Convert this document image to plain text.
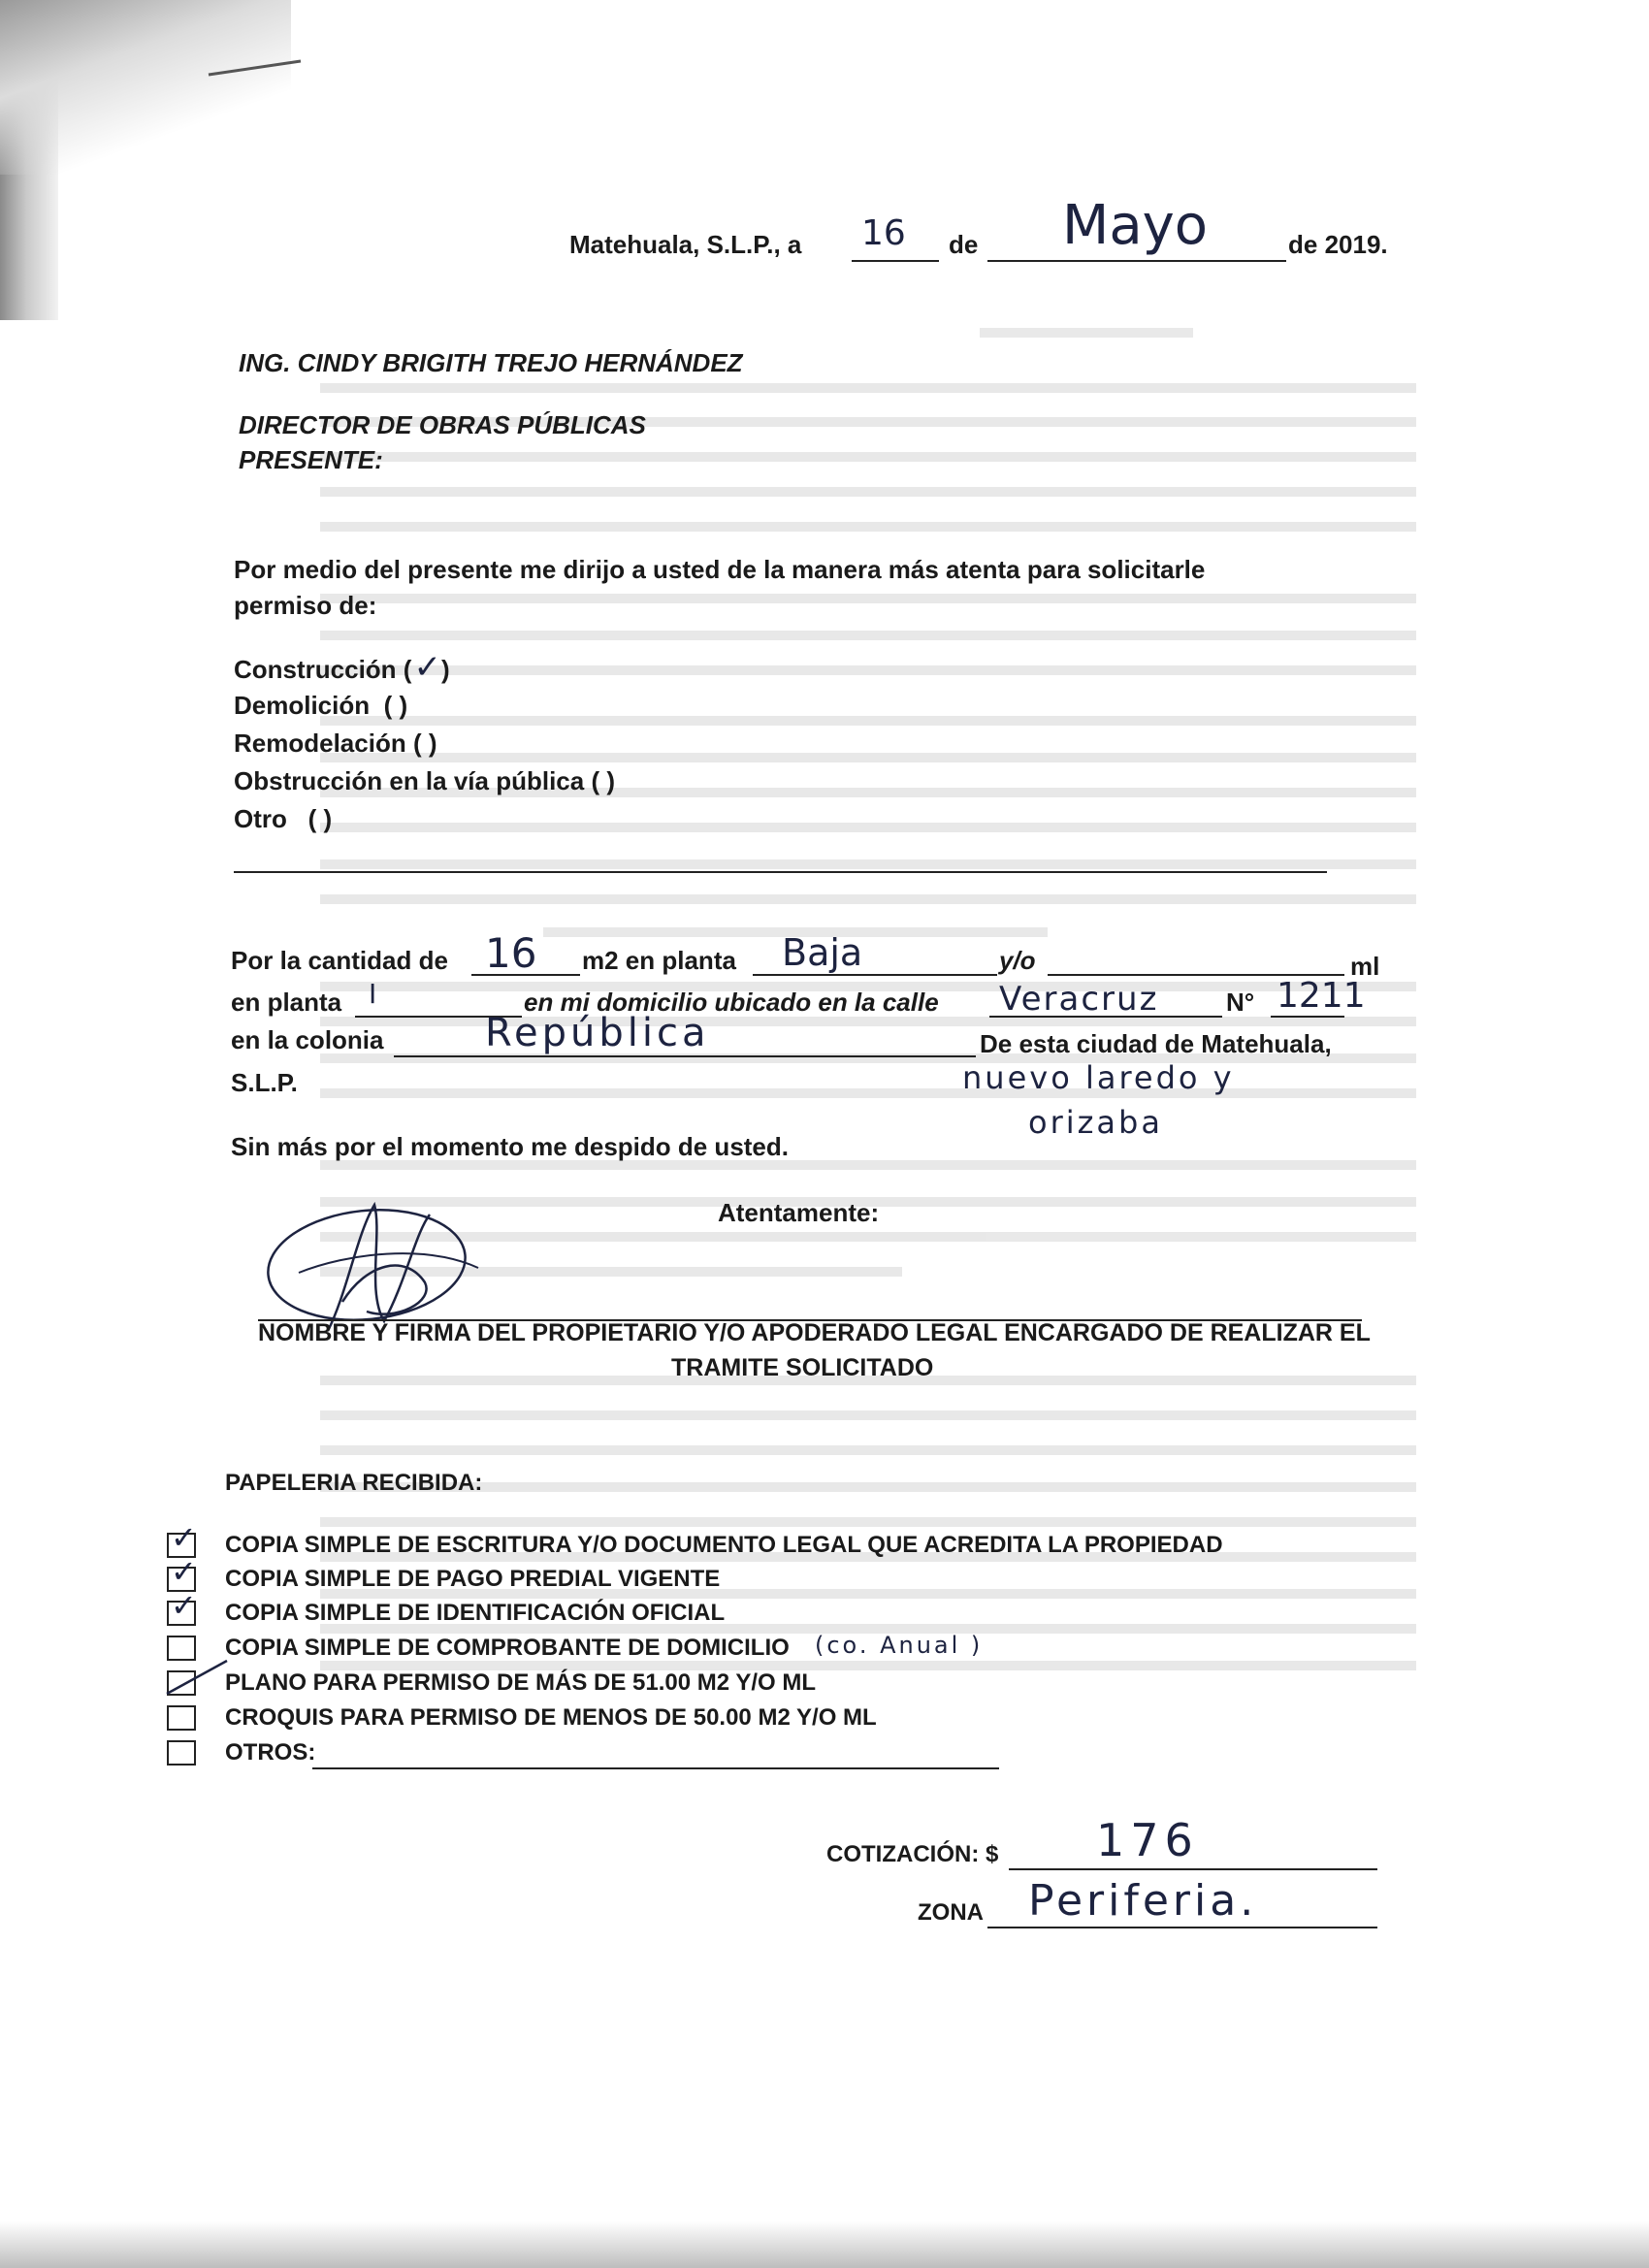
Matehuala, S.L.P., a 16 de Mayo	de 2019.
ING. CINDY BRIGITH TREJO HERNÁNDEZ
DIRECTOR DE OBRAS PÚBLICAS
PRESENTE:
Por medio del presente me dirijo a usted de la manera más atenta para solicitarle
permiso de:
Construcción (✓)
Demolición ( )
Remodelación ( )
Obstrucción en la vía pública ( )
Otro ( )
Por la cantidad de 16 m2 en planta Baja	y/o	ml
en planta I	en mi domicilio ubicado en la calle Veracruz	N° 1211
en la colonia	República	De esta ciudad de Matehuala,
S.L.P.	nuevo laredo y
orizaba
Sin más por el momento me despido de usted.
Atentamente:
NOMBRE Y FIRMA DEL PROPIETARIO Y/O APODERADO LEGAL ENCARGADO DE REALIZAR EL
TRAMITE SOLICITADO
PAPELERIA RECIBIDA:
✓ COPIA SIMPLE DE ESCRITURA Y/O DOCUMENTO LEGAL QUE ACREDITA LA PROPIEDAD
✓ COPIA SIMPLE DE PAGO PREDIAL VIGENTE
✓ COPIA SIMPLE DE IDENTIFICACIÓN OFICIAL
COPIA SIMPLE DE COMPROBANTE DE DOMICILIO (co. Anual )
PLANO PARA PERMISO DE MÁS DE 51.00 M2 Y/O ML
CROQUIS PARA PERMISO DE MENOS DE 50.00 M2 Y/O ML
OTROS:
COTIZACIÓN: $ 176
ZONA Periferia.
